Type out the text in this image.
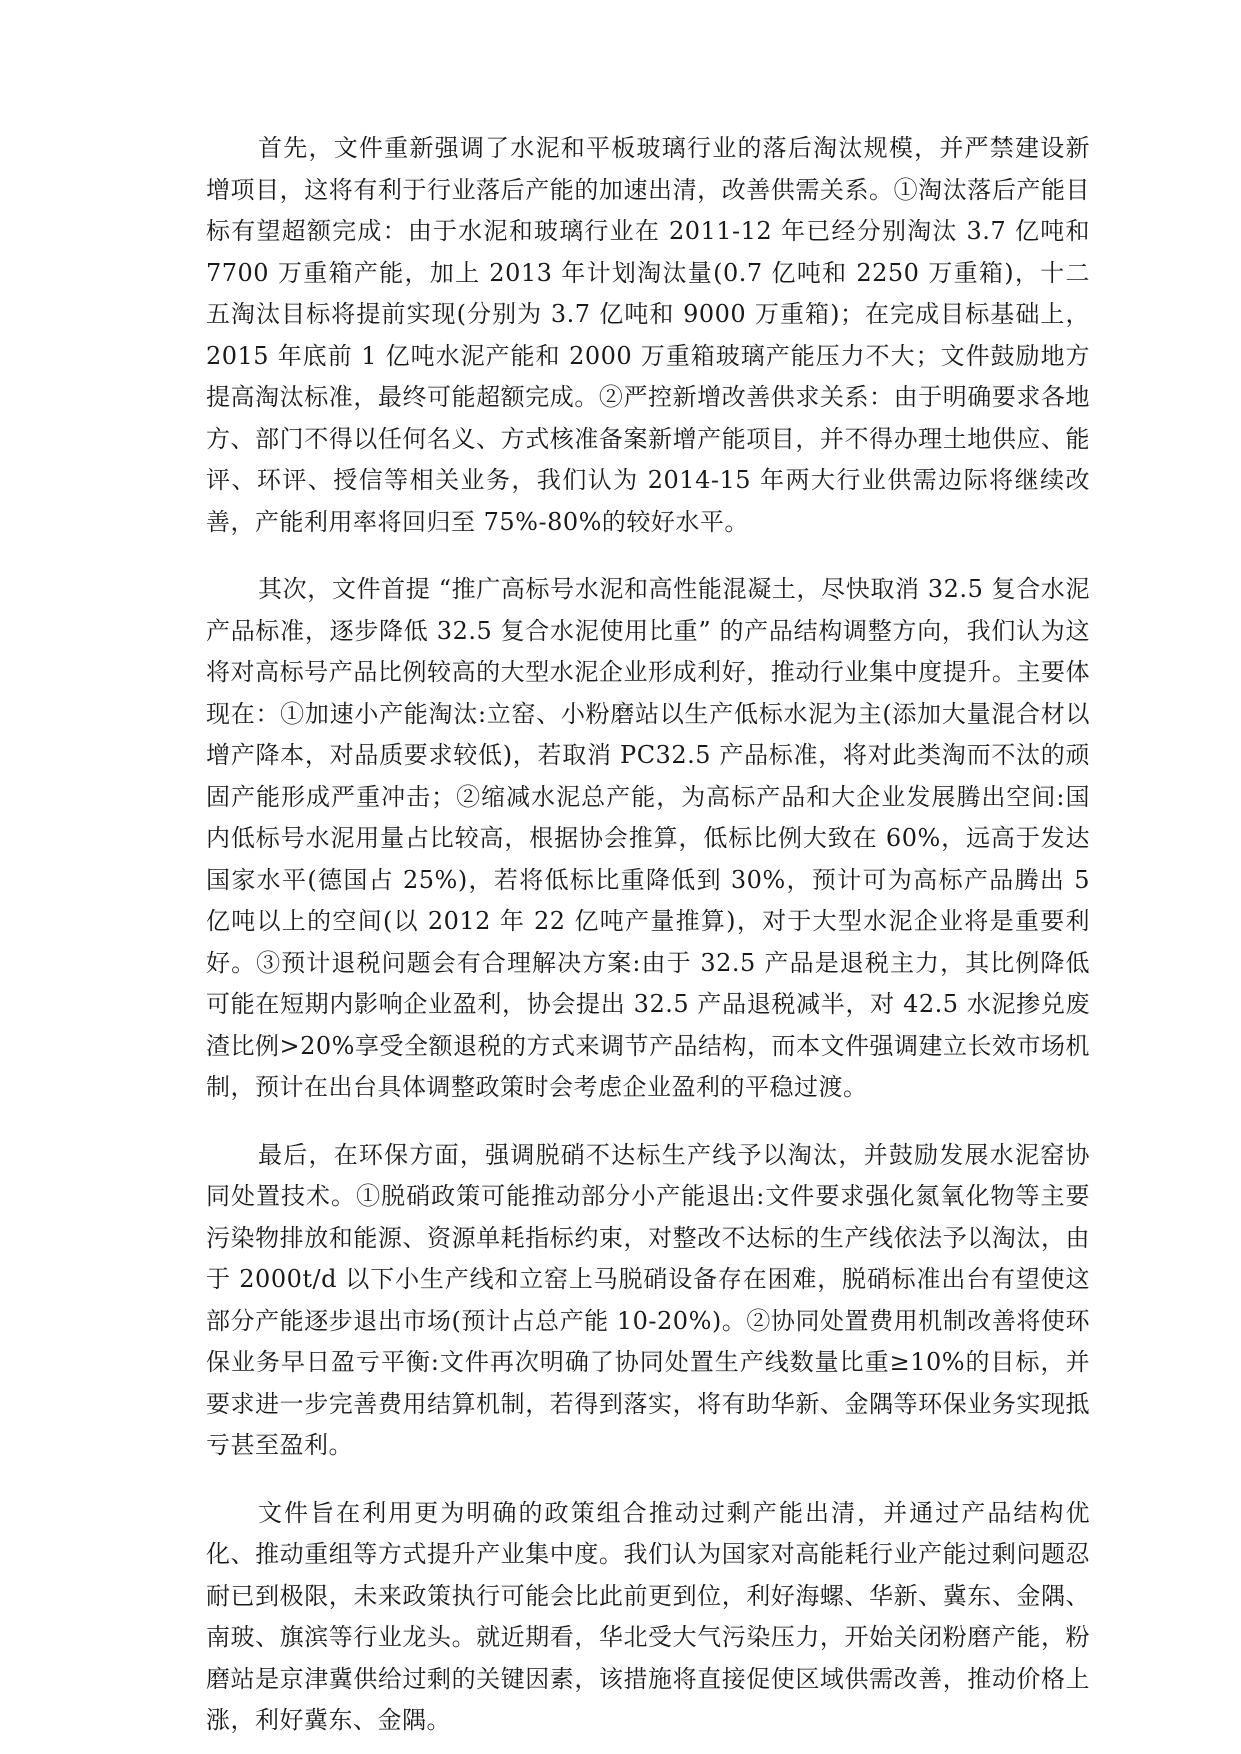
首先，文件重新强调了水泥和平板玻璃行业的落后淘汰规模，并严禁建设新增项目，这将有利于行业落后产能的加速出清，改善供需关系。①淘汰落后产能目标有望超额完成：由于水泥和玻璃行业在 2011-12 年已经分别淘汰 3.7 亿吨和 7700 万重箱产能，加上 2013 年计划淘汰量(0.7 亿吨和 2250 万重箱)，十二五淘汰目标将提前实现(分别为 3.7 亿吨和 9000 万重箱)；在完成目标基础上，2015 年底前 1 亿吨水泥产能和 2000 万重箱玻璃产能压力不大；文件鼓励地方提高淘汰标准，最终可能超额完成。②严控新增改善供求关系：由于明确要求各地方、部门不得以任何名义、方式核准备案新增产能项目，并不得办理土地供应、能评、环评、授信等相关业务，我们认为 2014-15 年两大行业供需边际将继续改善，产能利用率将回归至 75%-80%的较好水平。

其次，文件首提 “推广高标号水泥和高性能混凝土，尽快取消 32.5 复合水泥产品标准，逐步降低 32.5 复合水泥使用比重” 的产品结构调整方向，我们认为这将对高标号产品比例较高的大型水泥企业形成利好，推动行业集中度提升。主要体现在：①加速小产能淘汰:立窑、小粉磨站以生产低标水泥为主(添加大量混合材以增产降本，对品质要求较低)，若取消 PC32.5 产品标准，将对此类淘而不汰的顽固产能形成严重冲击；②缩减水泥总产能，为高标产品和大企业发展腾出空间:国内低标号水泥用量占比较高，根据协会推算，低标比例大致在 60%，远高于发达国家水平(德国占 25%)，若将低标比重降低到 30%，预计可为高标产品腾出 5 亿吨以上的空间(以 2012 年 22 亿吨产量推算)，对于大型水泥企业将是重要利好。③预计退税问题会有合理解决方案:由于 32.5 产品是退税主力，其比例降低可能在短期内影响企业盈利，协会提出 32.5 产品退税减半，对 42.5 水泥掺兑废渣比例>20%享受全额退税的方式来调节产品结构，而本文件强调建立长效市场机制，预计在出台具体调整政策时会考虑企业盈利的平稳过渡。

最后，在环保方面，强调脱硝不达标生产线予以淘汰，并鼓励发展水泥窑协同处置技术。①脱硝政策可能推动部分小产能退出:文件要求强化氮氧化物等主要污染物排放和能源、资源单耗指标约束，对整改不达标的生产线依法予以淘汰，由于 2000t/d 以下小生产线和立窑上马脱硝设备存在困难，脱硝标准出台有望使这部分产能逐步退出市场(预计占总产能 10-20%)。②协同处置费用机制改善将使环保业务早日盈亏平衡:文件再次明确了协同处置生产线数量比重≥10%的目标，并要求进一步完善费用结算机制，若得到落实，将有助华新、金隅等环保业务实现抵亏甚至盈利。

文件旨在利用更为明确的政策组合推动过剩产能出清，并通过产品结构优化、推动重组等方式提升产业集中度。我们认为国家对高能耗行业产能过剩问题忍耐已到极限，未来政策执行可能会比此前更到位，利好海螺、华新、冀东、金隅、南玻、旗滨等行业龙头。就近期看，华北受大气污染压力，开始关闭粉磨产能，粉磨站是京津冀供给过剩的关键因素，该措施将直接促使区域供需改善，推动价格上涨，利好冀东、金隅。
